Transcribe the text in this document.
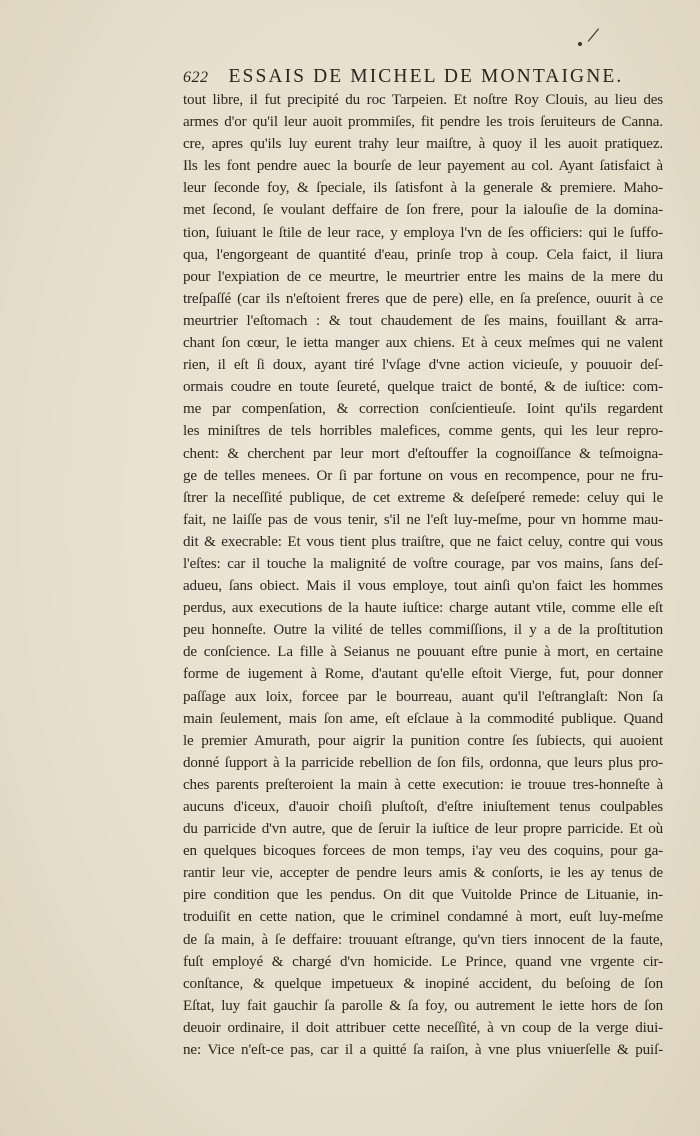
/
622 ESSAIS DE MICHEL DE MONTAIGNE.
tout libre, il fut precipité du roc Tarpeien. Et noſtre Roy Clouis, au lieu des
armes d'or qu'il leur auoit prommiſes, fit pendre les trois ſeruiteurs de Canna.
cre, apres qu'ils luy eurent trahy leur maiſtre, à quoy il les auoit pratiquez.
Ils les font pendre auec la bourſe de leur payement au col. Ayant ſatisfaict à
leur ſeconde foy, & ſpeciale, ils ſatisfont à la generale & premiere. Maho-
met ſecond, ſe voulant deffaire de ſon frere, pour la ialouſie de la domina-
tion, ſuiuant le ſtile de leur race, y employa l'vn de ſes officiers: qui le ſuffo-
qua, l'engorgeant de quantité d'eau, prinſe trop à coup. Cela faict, il liura
pour l'expiation de ce meurtre, le meurtrier entre les mains de la mere du
treſpaſſé (car ils n'eſtoient freres que de pere) elle, en ſa preſence, ouurit à ce
meurtrier l'eſtomach : & tout chaudement de ſes mains, fouillant & arra-
chant ſon cœur, le ietta manger aux chiens. Et à ceux meſmes qui ne valent
rien, il eſt ſi doux, ayant tiré l'vſage d'vne action vicieuſe, y pouuoir deſ-
ormais coudre en toute ſeureté, quelque traict de bonté, & de iuſtice: com-
me par compenſation, & correction conſcientieuſe. Ioint qu'ils regardent
les miniſtres de tels horribles malefices, comme gents, qui les leur repro-
chent: & cherchent par leur mort d'eſtouffer la cognoiſſance & teſmoigna-
ge de telles menees. Or ſi par fortune on vous en recompence, pour ne fru-
ſtrer la neceſſité publique, de cet extreme & deſeſperé remede: celuy qui le
fait, ne laiſſe pas de vous tenir, s'il ne l'eſt luy-meſme, pour vn homme mau-
dit & execrable: Et vous tient plus traiſtre, que ne faict celuy, contre qui vous
l'eſtes: car il touche la malignité de voſtre courage, par vos mains, ſans deſ-
adueu, ſans obiect. Mais il vous employe, tout ainſi qu'on faict les hommes
perdus, aux executions de la haute iuſtice: charge autant vtile, comme elle eſt
peu honneſte. Outre la vilité de telles commiſſions, il y a de la proſtitution
de conſcience. La fille à Seianus ne pouuant eſtre punie à mort, en certaine
forme de iugement à Rome, d'autant qu'elle eſtoit Vierge, fut, pour donner
paſſage aux loix, forcee par le bourreau, auant qu'il l'eſtranglaſt: Non ſa
main ſeulement, mais ſon ame, eſt eſclaue à la commodité publique. Quand
le premier Amurath, pour aigrir la punition contre ſes ſubiects, qui auoient
donné ſupport à la parricide rebellion de ſon fils, ordonna, que leurs plus pro-
ches parents preſteroient la main à cette execution: ie trouue tres-honneſte à
aucuns d'iceux, d'auoir choiſi pluſtoſt, d'eſtre iniuſtement tenus coulpables
du parricide d'vn autre, que de ſeruir la iuſtice de leur propre parricide. Et où
en quelques bicoques forcees de mon temps, i'ay veu des coquins, pour ga-
rantir leur vie, accepter de pendre leurs amis & conſorts, ie les ay tenus de
pire condition que les pendus. On dit que Vuitolde Prince de Lituanie, in-
troduiſit en cette nation, que le criminel condamné à mort, euſt luy-meſme
de ſa main, à ſe deffaire: trouuant eſtrange, qu'vn tiers innocent de la faute,
fuſt employé & chargé d'vn homicide. Le Prince, quand vne vrgente cir-
conſtance, & quelque impetueux & inopiné accident, du beſoing de ſon
Eſtat, luy fait gauchir ſa parolle & ſa foy, ou autrement le iette hors de ſon
deuoir ordinaire, il doit attribuer cette neceſſité, à vn coup de la verge diui-
ne: Vice n'eſt-ce pas, car il a quitté ſa raiſon, à vne plus vniuerſelle & puiſ-
